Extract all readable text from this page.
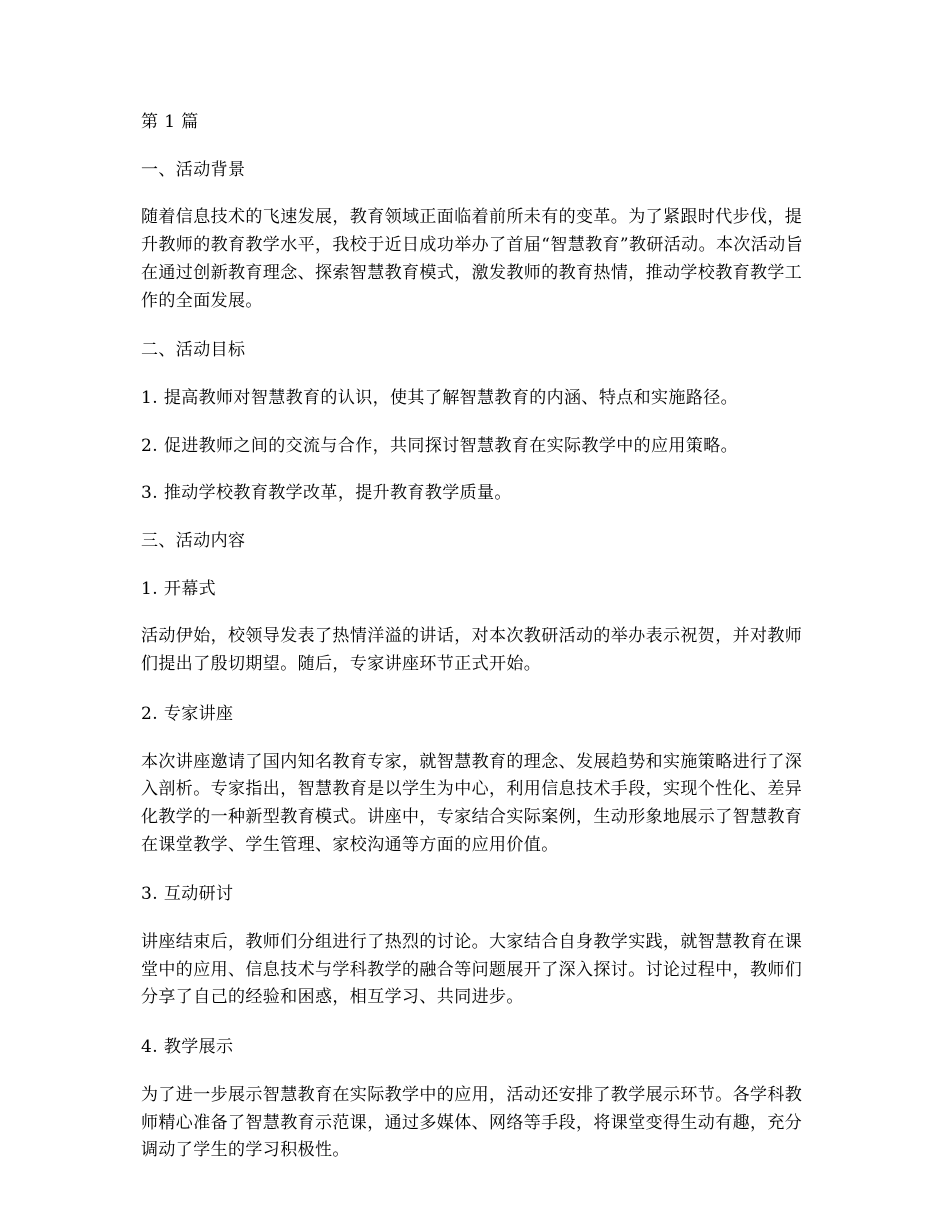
第 1 篇

一、活动背景

随着信息技术的飞速发展，教育领域正面临着前所未有的变革。为了紧跟时代步伐，提升教师的教育教学水平，我校于近日成功举办了首届“智慧教育”教研活动。本次活动旨在通过创新教育理念、探索智慧教育模式，激发教师的教育热情，推动学校教育教学工作的全面发展。

二、活动目标

1. 提高教师对智慧教育的认识，使其了解智慧教育的内涵、特点和实施路径。

2. 促进教师之间的交流与合作，共同探讨智慧教育在实际教学中的应用策略。

3. 推动学校教育教学改革，提升教育教学质量。

三、活动内容

1. 开幕式

活动伊始，校领导发表了热情洋溢的讲话，对本次教研活动的举办表示祝贺，并对教师们提出了殷切期望。随后，专家讲座环节正式开始。

2. 专家讲座

本次讲座邀请了国内知名教育专家，就智慧教育的理念、发展趋势和实施策略进行了深入剖析。专家指出，智慧教育是以学生为中心，利用信息技术手段，实现个性化、差异化教学的一种新型教育模式。讲座中，专家结合实际案例，生动形象地展示了智慧教育在课堂教学、学生管理、家校沟通等方面的应用价值。

3. 互动研讨

讲座结束后，教师们分组进行了热烈的讨论。大家结合自身教学实践，就智慧教育在课堂中的应用、信息技术与学科教学的融合等问题展开了深入探讨。讨论过程中，教师们分享了自己的经验和困惑，相互学习、共同进步。

4. 教学展示

为了进一步展示智慧教育在实际教学中的应用，活动还安排了教学展示环节。各学科教师精心准备了智慧教育示范课，通过多媒体、网络等手段，将课堂变得生动有趣，充分调动了学生的学习积极性。
